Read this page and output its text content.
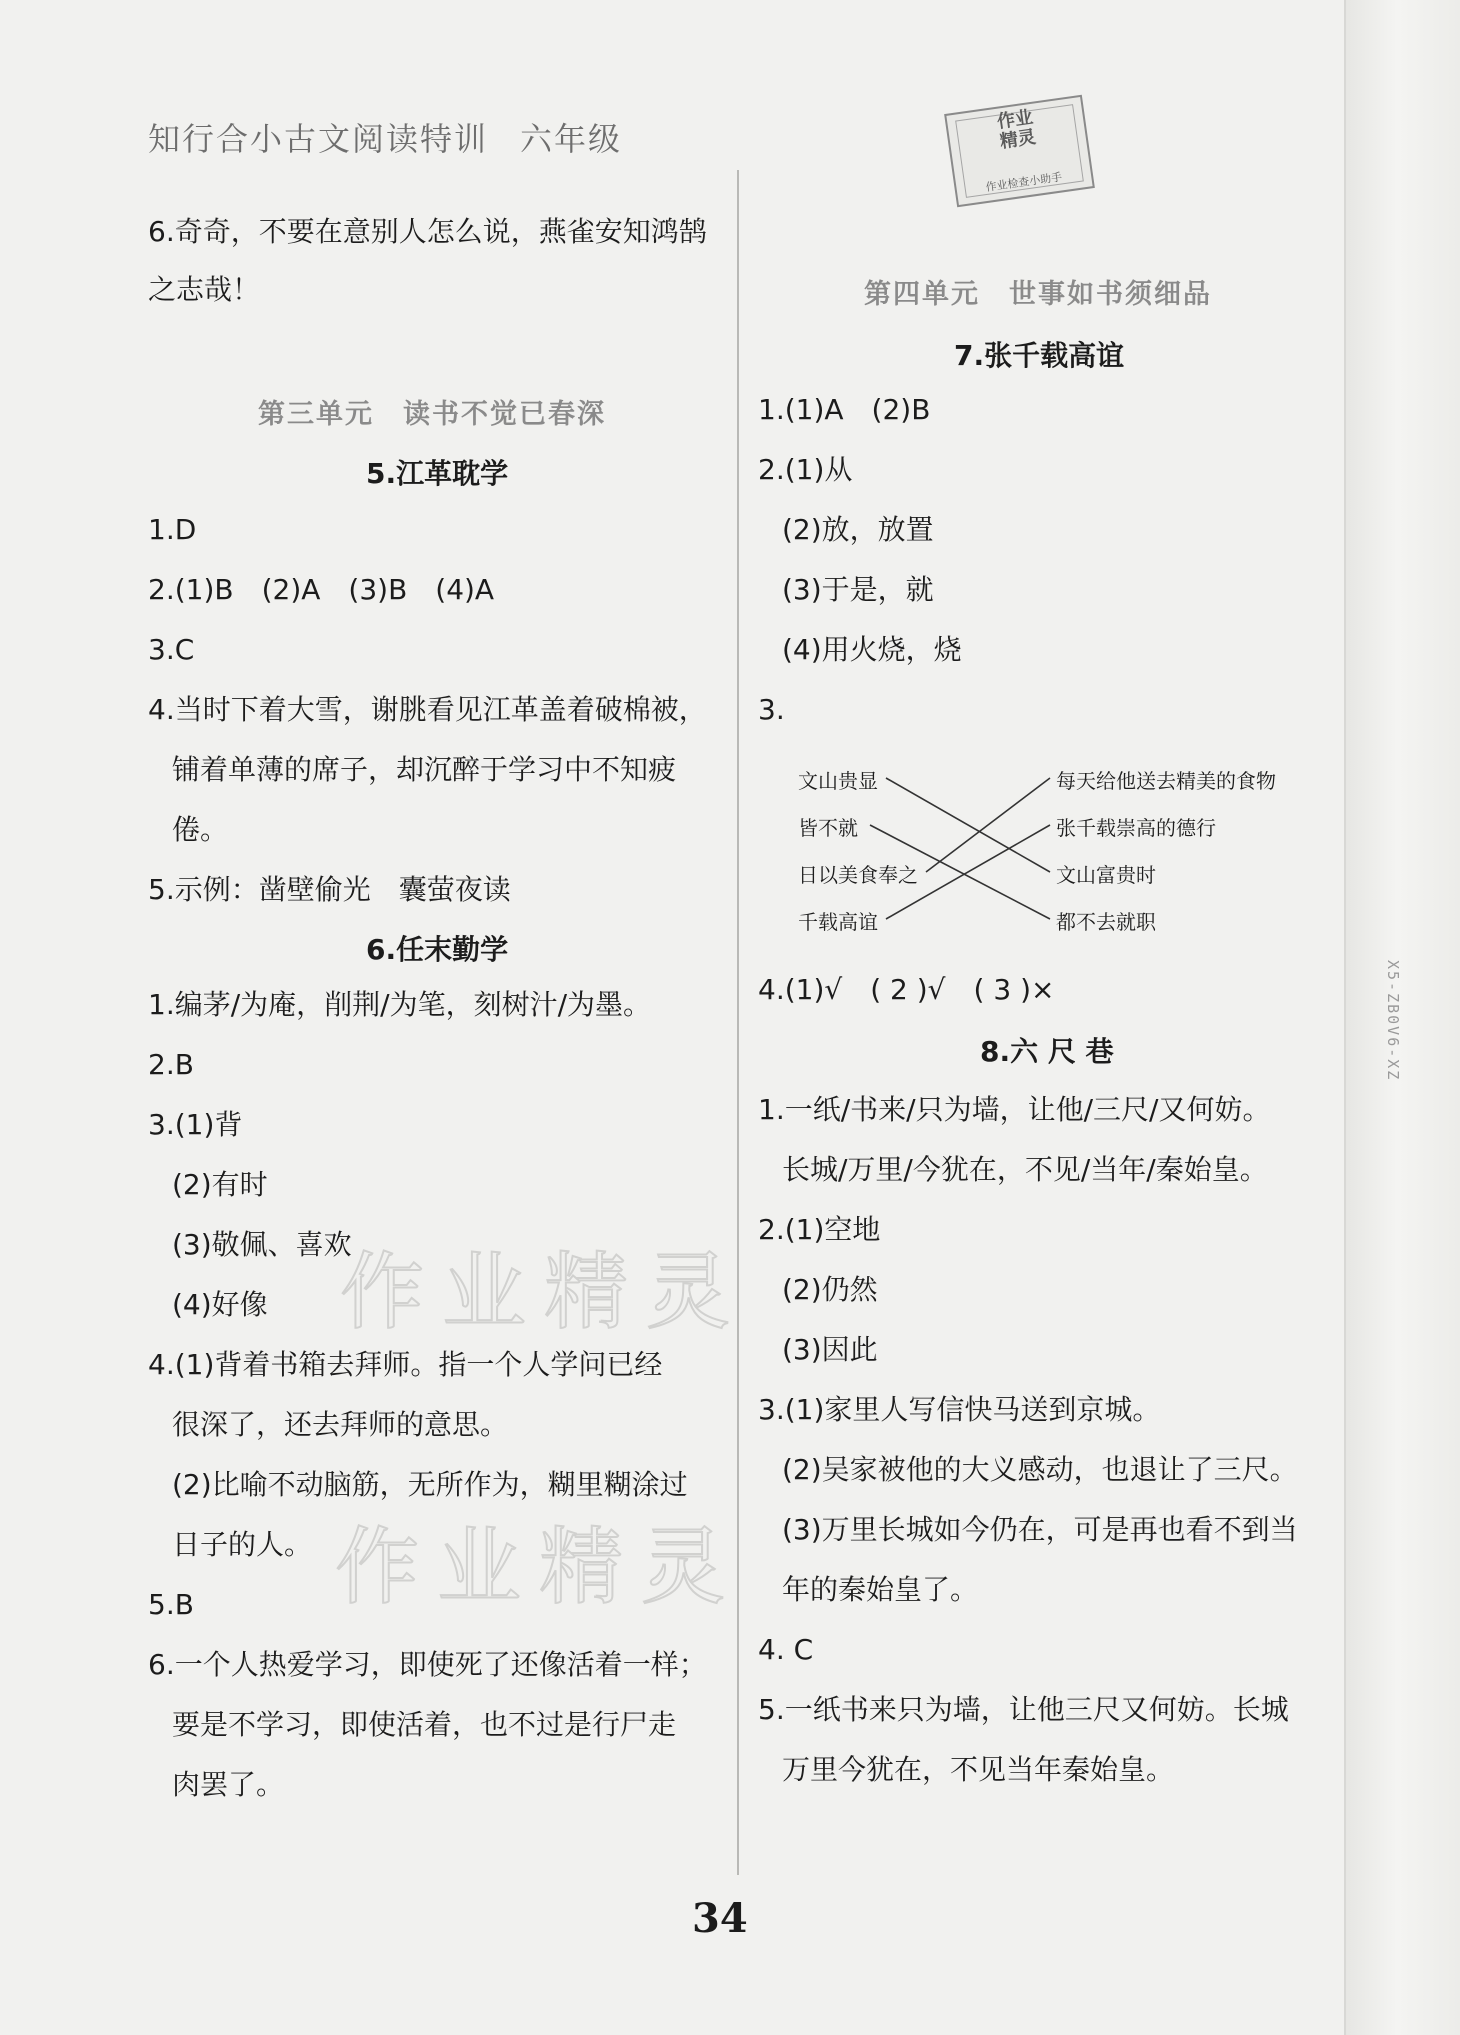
X5-ZB0V6-XZ
知行合小古文阅读特训 六年级
作业
精灵
作业检查小助手
6.奇奇，不要在意别人怎么说，燕雀安知鸿鹄
之志哉！
第三单元　读书不觉已春深
5.江革耽学
1.D
2.(1)B　(2)A　(3)B　(4)A
3.C
4.当时下着大雪，谢朓看见江革盖着破棉被，
铺着单薄的席子，却沉醉于学习中不知疲
倦。
5.示例：凿壁偷光　囊萤夜读
6.任末勤学
1.编茅/为庵，削荆/为笔，刻树汁/为墨。
2.B
3.(1)背
(2)有时
(3)敬佩、喜欢
(4)好像
4.(1)背着书箱去拜师。指一个人学问已经
很深了，还去拜师的意思。
(2)比喻不动脑筋，无所作为，糊里糊涂过
日子的人。
5.B
6.一个人热爱学习，即使死了还像活着一样；
要是不学习，即使活着，也不过是行尸走
肉罢了。
作业精灵
作业精灵
第四单元　世事如书须细品
7.张千载高谊
1.(1)A　(2)B
2.(1)从
(2)放，放置
(3)于是，就
(4)用火烧，烧
3.
文山贵显
皆不就
日以美食奉之
千载高谊
每天给他送去精美的食物
张千载崇高的德行
文山富贵时
都不去就职
4.(1)√　( 2 )√　( 3 )×
8.六 尺 巷
1.一纸/书来/只为墙，让他/三尺/又何妨。
长城/万里/今犹在，不见/当年/秦始皇。
2.(1)空地
(2)仍然
(3)因此
3.(1)家里人写信快马送到京城。
(2)吴家被他的大义感动，也退让了三尺。
(3)万里长城如今仍在，可是再也看不到当
年的秦始皇了。
4. C
5.一纸书来只为墙，让他三尺又何妨。长城
万里今犹在，不见当年秦始皇。
34
